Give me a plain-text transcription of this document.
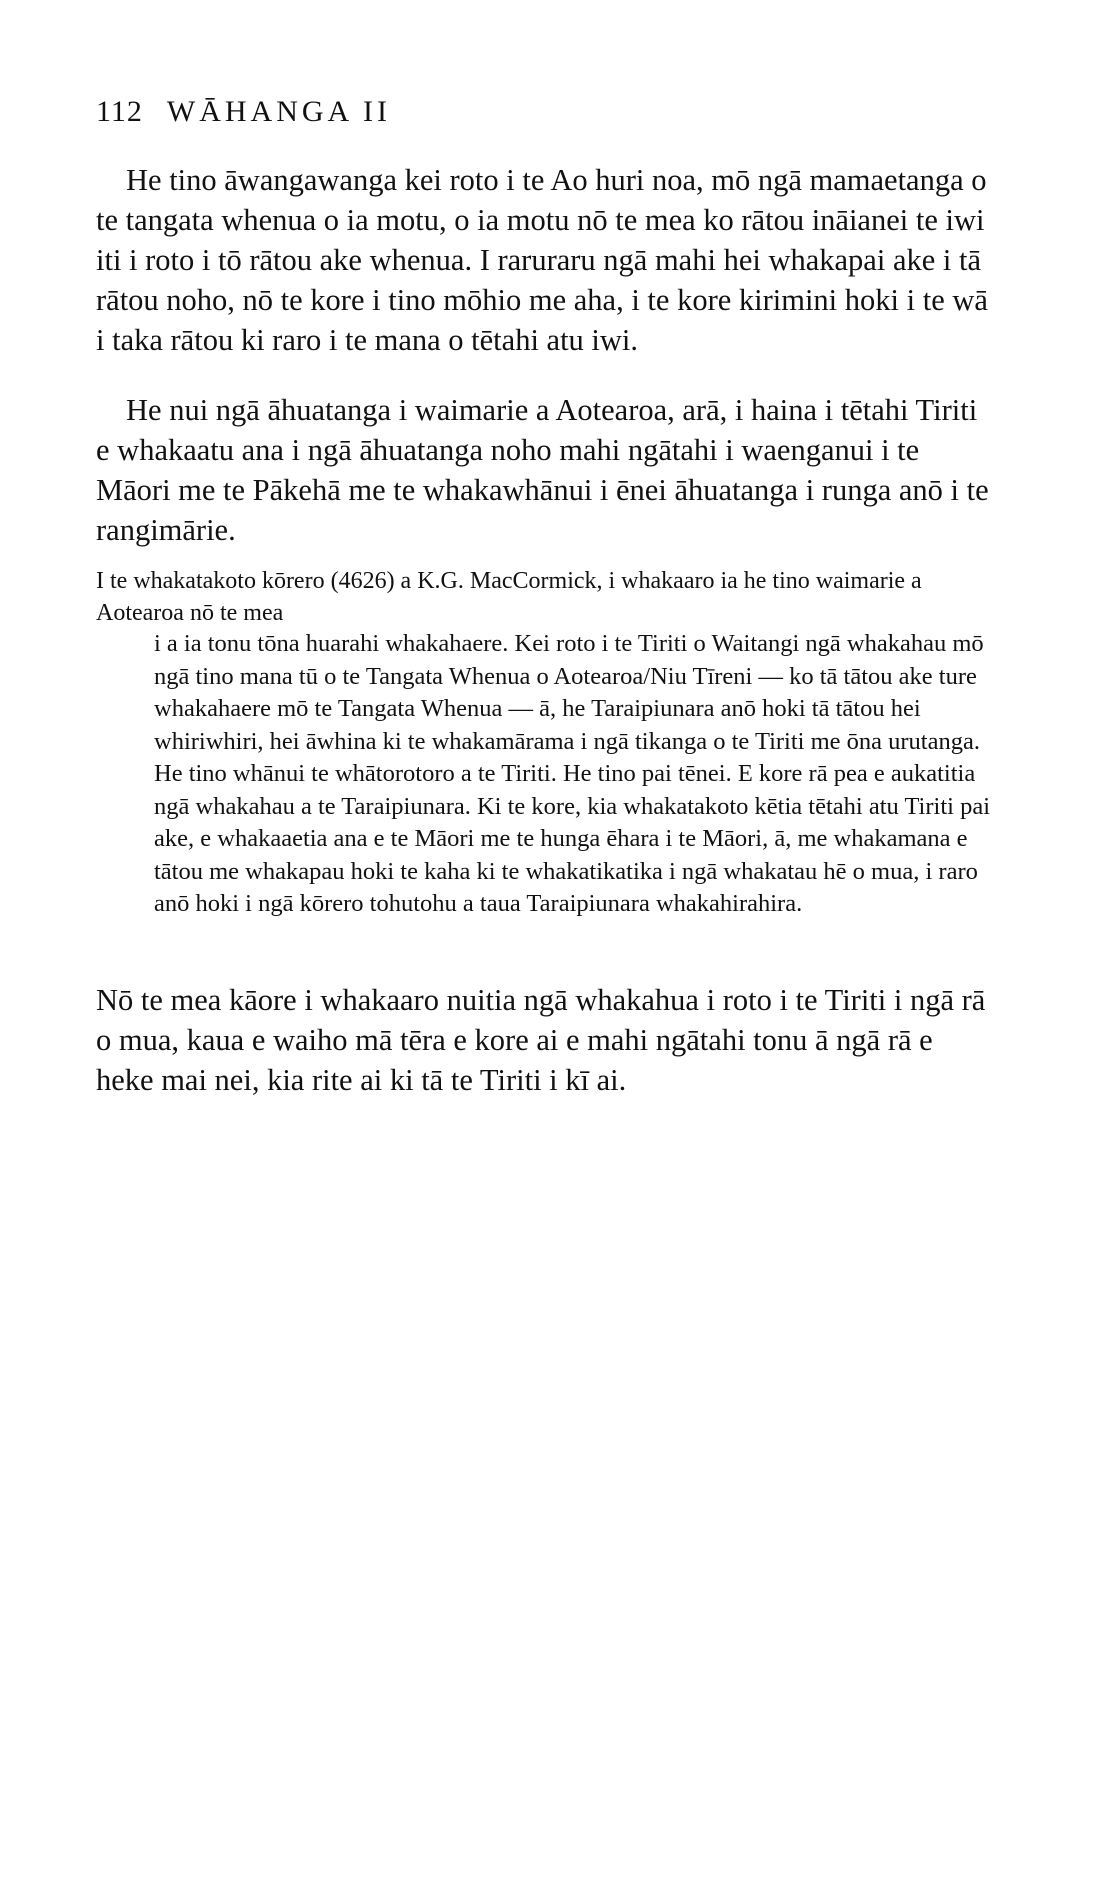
112 WĀHANGA II

He tino āwangawanga kei roto i te Ao huri noa, mō ngā mamaetanga o te tangata whenua o ia motu, o ia motu nō te mea ko rātou ināianei te iwi iti i roto i tō rātou ake whenua. I raruraru ngā mahi hei whakapai ake i tā rātou noho, nō te kore i tino mōhio me aha, i te kore kirimini hoki i te wā i taka rātou ki raro i te mana o tētahi atu iwi.

He nui ngā āhuatanga i waimarie a Aotearoa, arā, i haina i tētahi Tiriti e whakaatu ana i ngā āhuatanga noho mahi ngātahi i waenganui i te Māori me te Pākehā me te whakawhānui i ēnei āhuatanga i runga anō i te rangimārie.

I te whakatakoto kōrero (4626) a K.G. MacCormick, i whakaaro ia he tino waimarie a Aotearoa nō te mea

i a ia tonu tōna huarahi whakahaere. Kei roto i te Tiriti o Waitangi ngā whakahau mō ngā tino mana tū o te Tangata Whenua o Aotearoa/Niu Tīreni — ko tā tātou ake ture whakahaere mō te Tangata Whenua — ā, he Taraipiunara anō hoki tā tātou hei whiriwhiri, hei āwhina ki te whakamārama i ngā tikanga o te Tiriti me ōna urutanga. He tino whānui te whātorotoro a te Tiriti. He tino pai tēnei. E kore rā pea e aukatitia ngā whakahau a te Taraipiunara. Ki te kore, kia whakatakoto kētia tētahi atu Tiriti pai ake, e whakaaetia ana e te Māori me te hunga ēhara i te Māori, ā, me whakamana e tātou me whakapau hoki te kaha ki te whakatikatika i ngā whakatau hē o mua, i raro anō hoki i ngā kōrero tohutohu a taua Taraipiunara whakahirahira.

Nō te mea kāore i whakaaro nuitia ngā whakahua i roto i te Tiriti i ngā rā o mua, kaua e waiho mā tēra e kore ai e mahi ngātahi tonu ā ngā rā e heke mai nei, kia rite ai ki tā te Tiriti i kī ai.
